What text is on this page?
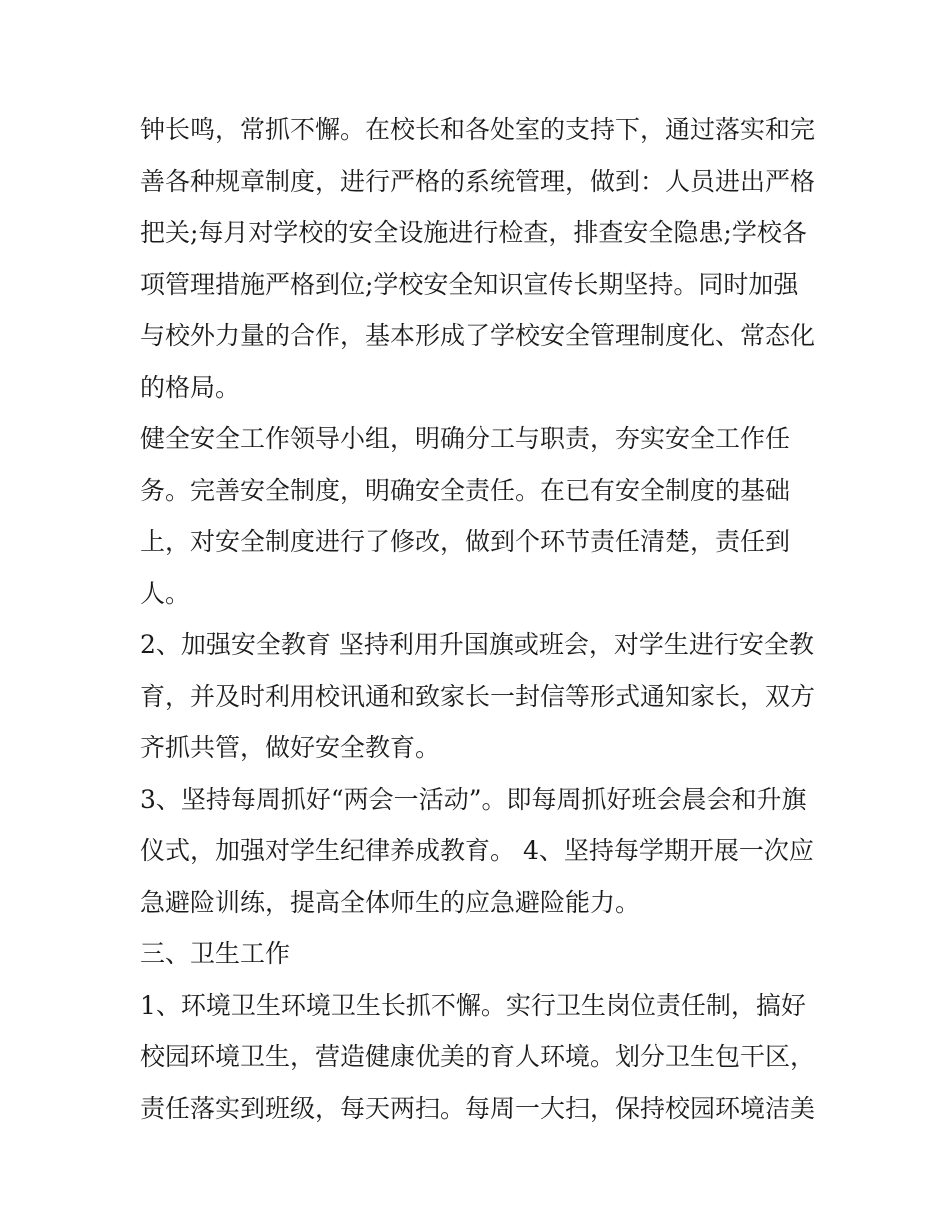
钟长鸣，常抓不懈。在校长和各处室的支持下，通过落实和完
善各种规章制度，进行严格的系统管理，做到：人员进出严格
把关;每月对学校的安全设施进行检查，排查安全隐患;学校各
项管理措施严格到位;学校安全知识宣传长期坚持。同时加强
与校外力量的合作，基本形成了学校安全管理制度化、常态化
的格局。
健全安全工作领导小组，明确分工与职责，夯实安全工作任
务。完善安全制度，明确安全责任。在已有安全制度的基础
上，对安全制度进行了修改，做到个环节责任清楚，责任到
人。
2、加强安全教育 坚持利用升国旗或班会，对学生进行安全教
育，并及时利用校讯通和致家长一封信等形式通知家长，双方
齐抓共管，做好安全教育。
3、坚持每周抓好“两会一活动”。即每周抓好班会晨会和升旗
仪式，加强对学生纪律养成教育。 4、坚持每学期开展一次应
急避险训练，提高全体师生的应急避险能力。
三、卫生工作
1、环境卫生环境卫生长抓不懈。实行卫生岗位责任制，搞好
校园环境卫生，营造健康优美的育人环境。划分卫生包干区，
责任落实到班级，每天两扫。每周一大扫，保持校园环境洁美
